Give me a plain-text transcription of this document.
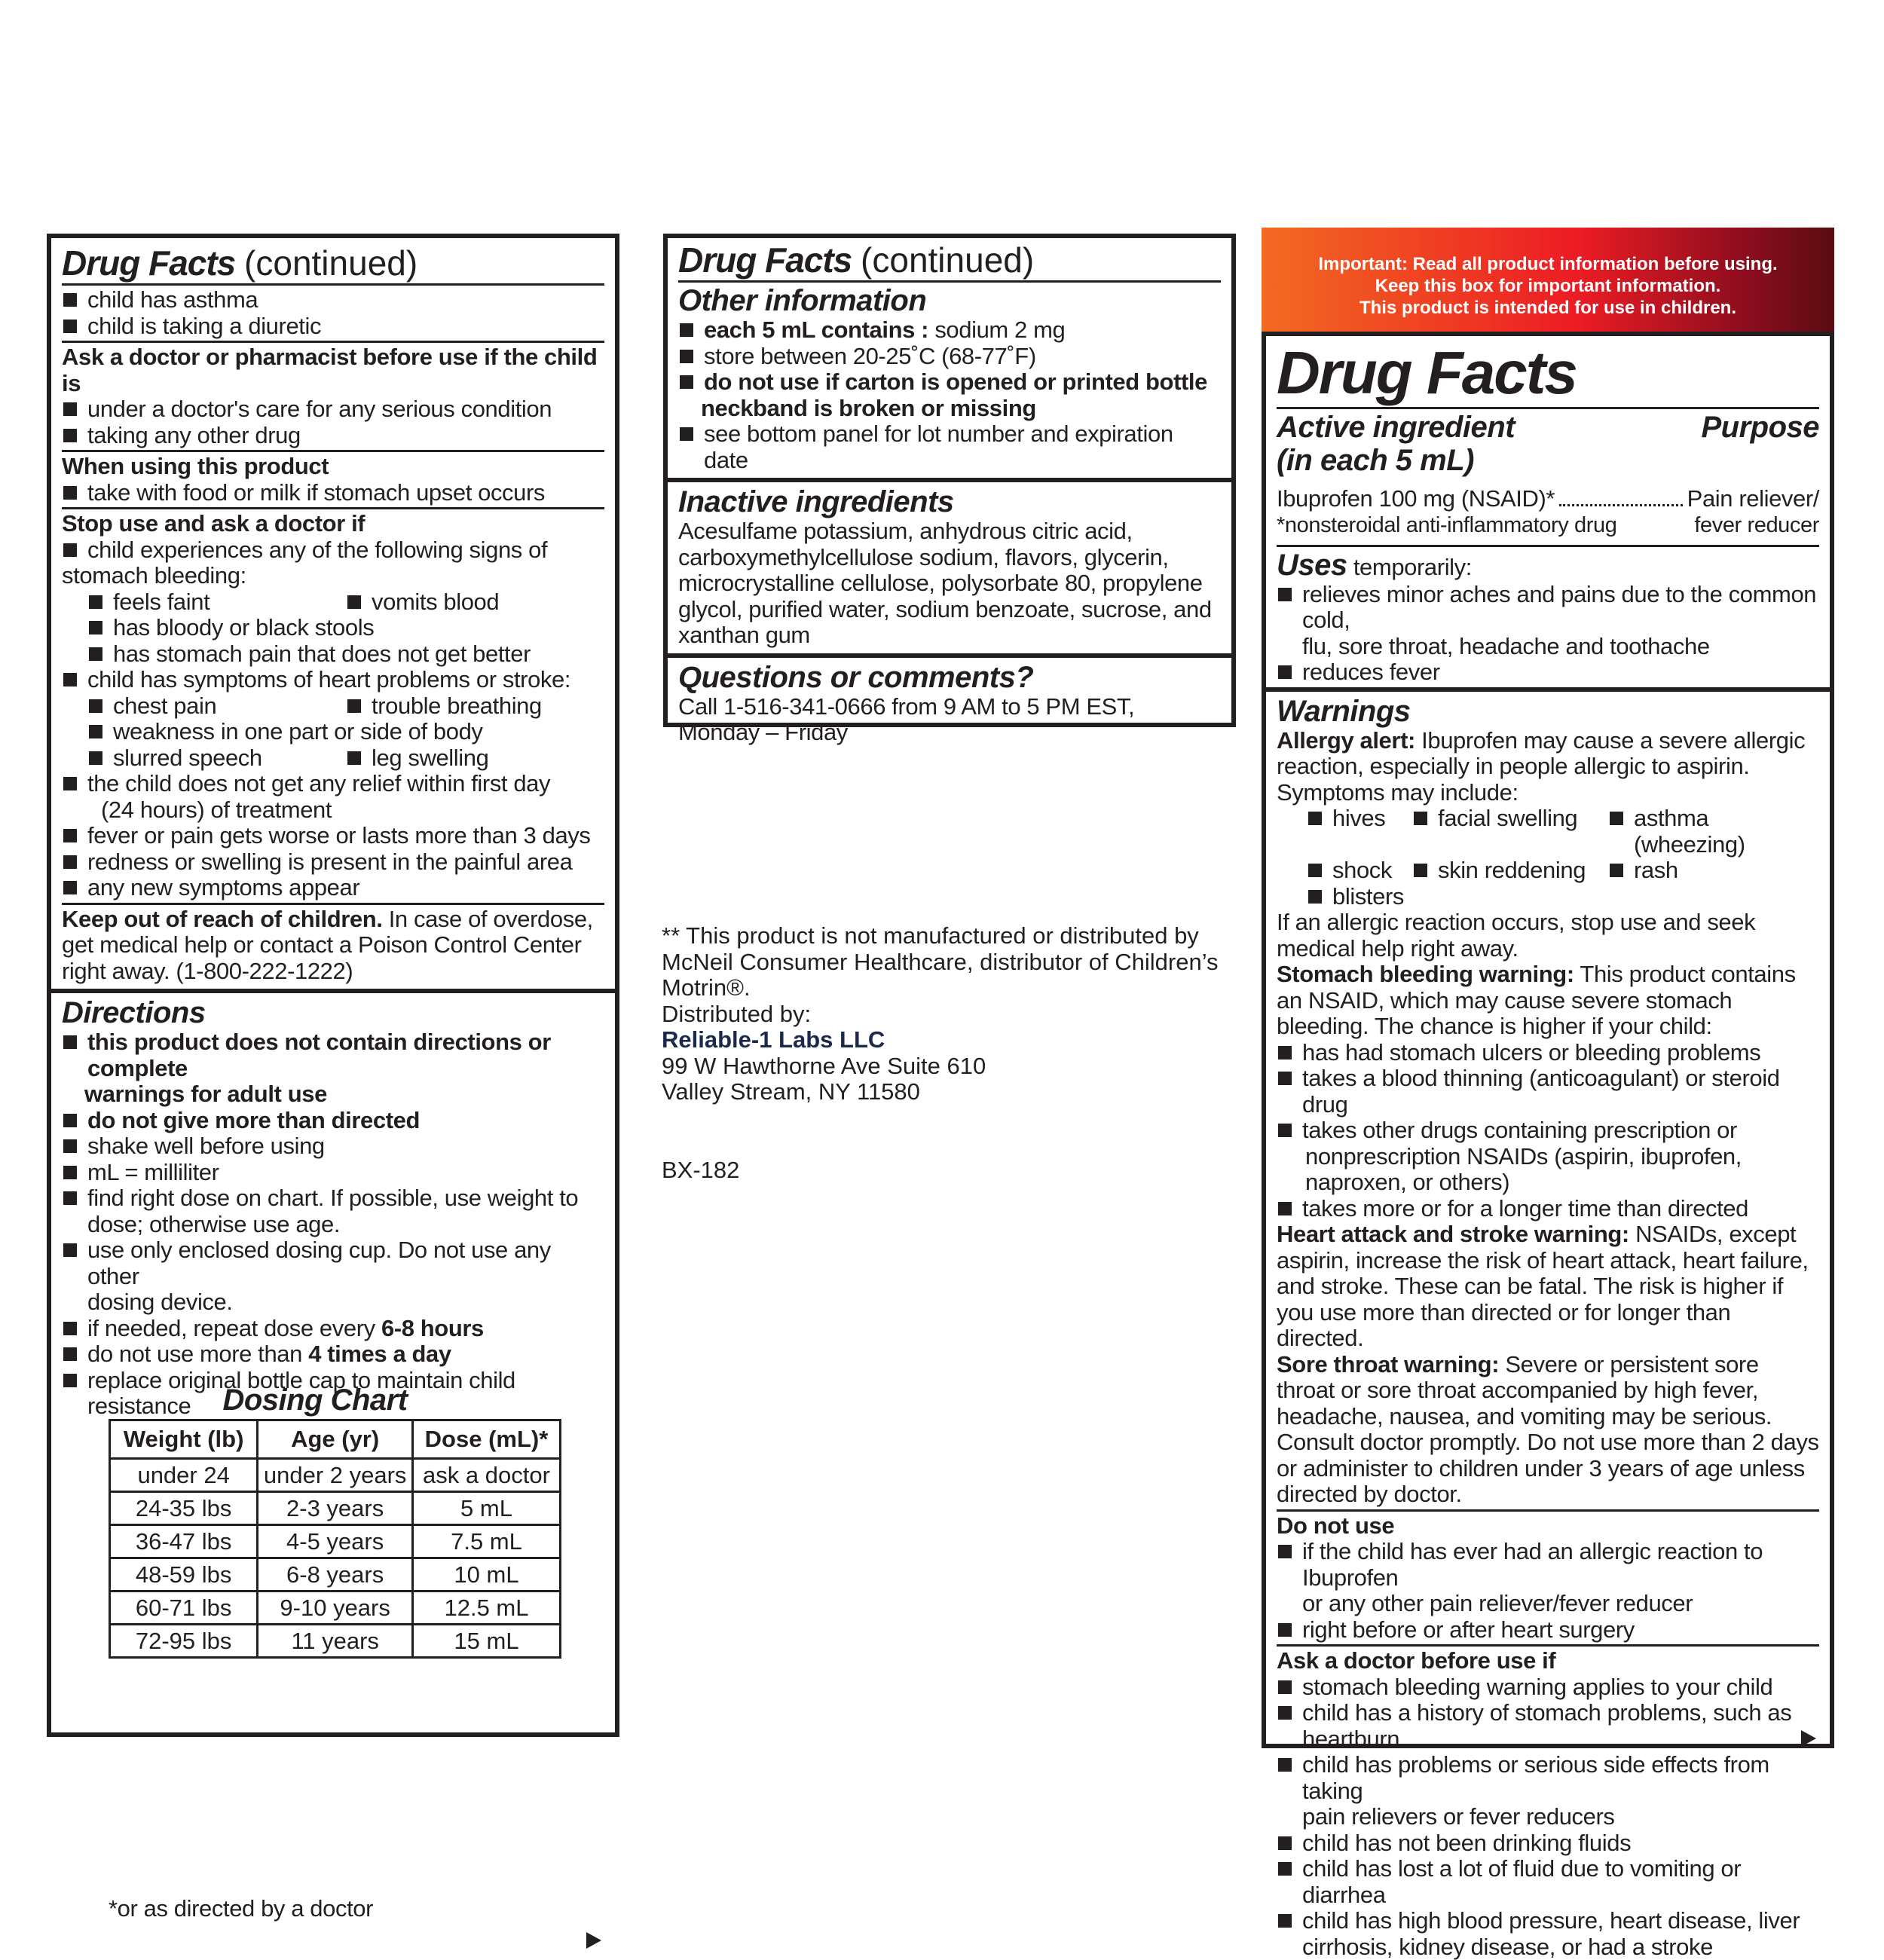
Drug Facts (continued)
child has asthma
child is taking a diuretic
Ask a doctor or pharmacist before use if the child is
under a doctor's care for any serious condition
taking any other drug
When using this product
take with food or milk if stomach upset occurs
Stop use and ask a doctor if
child experiences any of the following signs of
stomach bleeding:
feels faint	vomits blood
has bloody or black stools
has stomach pain that does not get better
child has symptoms of heart problems or stroke:
chest pain	trouble breathing
weakness in one part or side of body
slurred speech	leg swelling
the child does not get any relief within first day
(24 hours) of treatment
fever or pain gets worse or lasts more than 3 days
redness or swelling is present in the painful area
any new symptoms appear
Keep out of reach of children. In case of overdose, get medical help or contact a Poison Control Center right away. (1-800-222-1222)
Directions
this product does not contain directions or complete
warnings for adult use
do not give more than directed
shake well before using
mL = milliliter
find right dose on chart. If possible, use weight to
dose; otherwise use age.
use only enclosed dosing cup. Do not use any other
dosing device.
if needed, repeat dose every 6-8 hours
do not use more than 4 times a day
replace original bottle cap to maintain child resistance	Dosing Chart
Weight (lb)	Age (yr)	Dose (mL)*
under 24	under 2 years	ask a doctor
24-35 lbs	2-3 years	5 mL
36-47 lbs	4-5 years	7.5 mL
48-59 lbs	6-8 years	10 mL
60-71 lbs	9-10 years	12.5 mL
72-95 lbs	11 years	15 mL
*or as directed by a doctor
Drug Facts (continued)
Other information
each 5 mL contains : sodium 2 mg
store between 20-25˚C (68-77˚F)
do not use if carton is opened or printed bottle
neckband is broken or missing
see bottom panel for lot number and expiration date
Inactive ingredients
Acesulfame potassium, anhydrous citric acid, carboxymethylcellulose sodium, flavors, glycerin, microcrystalline cellulose, polysorbate 80, propylene glycol, purified water, sodium benzoate, sucrose, and xanthan gum
Questions or comments?
Call 1-516-341-0666 from 9 AM to 5 PM EST,
Monday – Friday
** This product is not manufactured or distributed by McNeil Consumer Healthcare, distributor of Children’s Motrin®.
Distributed by:
Reliable-1 Labs LLC
99 W Hawthorne Ave Suite 610
Valley Stream, NY 11580
BX-182
Important: Read all product information before using.
Keep this box for important information.
This product is intended for use in children.
Drug Facts
Active ingredient
(in each 5 mL)
Purpose
Ibuprofen 100 mg (NSAID)*	Pain reliever/
*nonsteroidal anti-inflammatory drug	fever reducer
Uses temporarily:
relieves minor aches and pains due to the common cold,
flu, sore throat, headache and toothache
reduces fever
Warnings
Allergy alert: Ibuprofen may cause a severe allergic reaction, especially in people allergic to aspirin. Symptoms may include:
hives	facial swelling	asthma (wheezing)
shock	skin reddening	rash
blisters
If an allergic reaction occurs, stop use and seek medical help right away.
Stomach bleeding warning: This product contains an NSAID, which may cause severe stomach bleeding. The chance is higher if your child:
has had stomach ulcers or bleeding problems
takes a blood thinning (anticoagulant) or steroid drug
takes other drugs containing prescription or
nonprescription NSAIDs (aspirin, ibuprofen,
naproxen, or others)
takes more or for a longer time than directed
Heart attack and stroke warning: NSAIDs, except aspirin, increase the risk of heart attack, heart failure, and stroke. These can be fatal. The risk is higher if you use more than directed or for longer than directed.
Sore throat warning: Severe or persistent sore throat or sore throat accompanied by high fever, headache, nausea, and vomiting may be serious. Consult doctor promptly. Do not use more than 2 days or administer to children under 3 years of age unless directed by doctor.
Do not use
if the child has ever had an allergic reaction to Ibuprofen
or any other pain reliever/fever reducer
right before or after heart surgery
Ask a doctor before use if
stomach bleeding warning applies to your child
child has a history of stomach problems, such as
heartburn
child has problems or serious side effects from taking
pain relievers or fever reducers
child has not been drinking fluids
child has lost a lot of fluid due to vomiting or diarrhea
child has high blood pressure, heart disease, liver
cirrhosis, kidney disease, or had a stroke
